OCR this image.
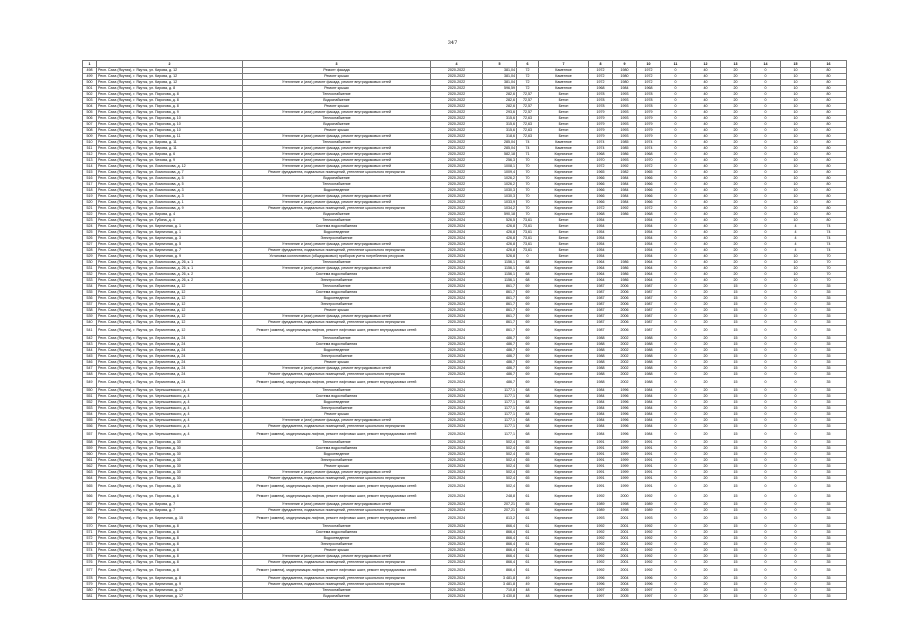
347
1	2	3	4	5	6	7	8	9	10	11	12	13	14	15	16
498	Респ. Саха (Якутия), г. Якутск, ул. Кирова, д. 12	Ремонт фасада	2020-2022	381,04	72	Каменное	1972	1980	1972	0	40	20	0	10	80
499	Респ. Саха (Якутия), г. Якутск, ул. Кирова, д. 12	Ремонт крыши	2020-2022	381,04	72	Каменное	1972	1980	1972	0	40	20	0	10	80
500	Респ. Саха (Якутия), г. Якутск, ул. Кирова, д. 12	Утепление и (или) ремонт фасада, ремонт внутридомовых сетей	2020-2022	381,04	72	Каменное	1972	1980	1972	0	40	20	0	10	80
501	Респ. Саха (Якутия), г. Якутск, ул. Кирова, д. 8	Ремонт крыши	2020-2022	596,59	72	Каменное	1968	1984	1968	0	40	20	0	10	80
502	Респ. Саха (Якутия), г. Якутск, ул. Пирогова, д. 8	Теплоснабжение	2020-2022	282,6	72,57	Бетон	1978	1993	1978	0	40	20	0	10	80
503	Респ. Саха (Якутия), г. Якутск, ул. Пирогова, д. 8	Водоснабжение	2020-2022	282,6	72,57	Бетон	1978	1993	1978	0	40	20	0	10	80
504	Респ. Саха (Якутия), г. Якутск, ул. Пирогова, д. 8	Ремонт крыши	2020-2022	282,6	72,57	Бетон	1978	1993	1978	0	40	20	0	10	80
505	Респ. Саха (Якутия), г. Якутск, ул. Пирогова, д. 9	Утепление и (или) ремонт фасада, ремонт внутридомовых сетей	2020-2022	293,6	72,57	Бетон	1979	1993	1979	0	40	20	0	10	80
506	Респ. Саха (Якутия), г. Якутск, ул. Пирогова, д. 10	Теплоснабжение	2020-2022	315,6	72,63	Бетон	1979	1993	1979	0	40	20	0	10	80
507	Респ. Саха (Якутия), г. Якутск, ул. Пирогова, д. 10	Водоснабжение	2020-2022	315,6	72,63	Бетон	1979	1993	1979	0	40	20	0	10	80
508	Респ. Саха (Якутия), г. Якутск, ул. Пирогова, д. 10	Ремонт крыши	2020-2022	315,6	72,63	Бетон	1979	1993	1979	0	40	20	0	10	80
509	Респ. Саха (Якутия), г. Якутск, ул. Пирогова, д. 11	Утепление и (или) ремонт фасада, ремонт внутридомовых сетей	2020-2022	318,6	72,63	Бетон	1979	1993	1979	0	40	20	0	10	80
510	Респ. Саха (Якутия), г. Якутск, ул. Кирова, д. 11	Теплоснабжение	2020-2022	285,04	74	Каменное	1974	1985	1974	0	40	20	0	10	80
511	Респ. Саха (Якутия), г. Якутск, ул. Кирова, д. 11	Утепление и (или) ремонт фасада, ремонт внутридомовых сетей	2020-2022	285,04	74	Каменное	1974	1985	1974	0	40	20	0	10	80
512	Респ. Саха (Якутия), г. Якутск, ул. Кирова, д. 6	Утепление и (или) ремонт фасада, ремонт внутридомовых сетей	2020-2022	582,18	71	Кирпичное	1968	1986	1968	0	40	20	0	10	80
513	Респ. Саха (Якутия), г. Якутск, ул. Чехова, д. 9	Утепление и (или) ремонт фасада, ремонт внутридомовых сетей	2020-2022	256,3	70	Кирпичное	1970	1993	1970	0	40	20	0	10	80
514	Респ. Саха (Якутия), г. Якутск, ул. Ломоносова, д. 12	Утепление и (или) ремонт фасада, ремонт внутридомовых сетей	2020-2022	1008,1	70	Кирпичное	1972	1992	1972	0	40	20	0	10	80
515	Респ. Саха (Якутия), г. Якутск, ул. Ломоносова, д. 7	Ремонт фундамента, подвальных помещений, утепление цокольного перекрытия	2020-2022	1009,4	70	Кирпичное	1965	1982	1965	0	40	20	0	10	80
516	Респ. Саха (Якутия), г. Якутск, ул. Ломоносова, д. 5	Водоснабжение	2020-2022	1026,2	70	Кирпичное	1966	1984	1966	0	40	20	0	10	80
517	Респ. Саха (Якутия), г. Якутск, ул. Ломоносова, д. 5	Теплоснабжение	2020-2022	1026,2	70	Кирпичное	1966	1984	1966	0	40	20	0	10	80
518	Респ. Саха (Якутия), г. Якутск, ул. Ломоносова, д. 3	Водоотведение	2020-2022	1030,3	70	Кирпичное	1966	1984	1966	0	40	20	0	10	80
519	Респ. Саха (Якутия), г. Якутск, ул. Ломоносова, д. 3	Утепление и (или) ремонт фасада, ремонт внутридомовых сетей	2020-2022	1030,3	70	Кирпичное	1966	1984	1966	0	40	20	0	10	80
520	Респ. Саха (Якутия), г. Якутск, ул. Ломоносова, д. 1	Утепление и (или) ремонт фасада, ремонт внутридомовых сетей	2020-2022	1033,9	70	Кирпичное	1966	1984	1966	0	40	20	0	10	80
521	Респ. Саха (Якутия), г. Якутск, ул. Ломоносова, д. 9	Ремонт фундамента, подвальных помещений, утепление цокольного перекрытия	2020-2022	1034,2	70	Кирпичное	1972	1992	1972	0	40	20	0	10	80
522	Респ. Саха (Якутия), г. Якутск, ул. Кирова, д. 4	Водоснабжение	2020-2022	590,18	70	Кирпичное	1968	1986	1968	0	40	20	0	10	80
523	Респ. Саха (Якутия), г. Якутск, ул. Губина, д. 4	Теплоснабжение	2020-2024	526,5	73,61	Бетон	1954		1954	0	40	20	0	10	80
524	Респ. Саха (Якутия), г. Якутск, ул. Кирпичная, д. 1	Система водоснабжения	2020-2024	426,8	73,61	Бетон	1954		1954	0	40	20	0	4	74
525	Респ. Саха (Якутия), г. Якутск, ул. Кирпичная, д. 1	Водоотведение	2020-2024	426,8	73,61	Бетон	1954		1954	0	40	20	0	4	74
526	Респ. Саха (Якутия), г. Якутск, ул. Кирпичная, д. 3	Электроснабжение	2020-2024	426,8	73,61	Бетон	1954		1954	0	40	20	0	4	74
527	Респ. Саха (Якутия), г. Якутск, ул. Кирпичная, д. 5	Утепление и (или) ремонт фасада, ремонт внутридомовых сетей	2020-2024	426,8	73,61	Бетон	1954		1954	0	40	20	0	4	74
528	Респ. Саха (Якутия), г. Якутск, ул. Кирпичная, д. 7	Ремонт фундамента, подвальных помещений, утепление цокольного перекрытия	2020-2024	426,8	73,61	Бетон	1954		1954	0	40	20	0	4	74
529	Респ. Саха (Якутия), г. Якутск, ул. Кирпичная, д. 9	Установка коллективных (общедомовых) приборов учета потребления ресурсов	2020-2024	526,8	0	Бетон	1954		1954	0	40	20	0	10	70
530	Респ. Саха (Якутия), г. Якутск, ул. Ломоносова, д. 26, к. 1	Теплоснабжение	2020-2024	1156,1	68	Кирпичное	1964	1986	1964	0	40	20	0	10	70
531	Респ. Саха (Якутия), г. Якутск, ул. Ломоносова, д. 26, к. 1	Утепление и (или) ремонт фасада, ремонт внутридомовых сетей	2020-2024	1156,1	68	Кирпичное	1964	1986	1964	0	40	20	0	10	70
532	Респ. Саха (Якутия), г. Якутск, ул. Ломоносова, д. 26, к. 2	Система водоснабжения	2020-2024	1156,1	68	Кирпичное	1964	1986	1964	0	40	20	0	10	70
533	Респ. Саха (Якутия), г. Якутск, ул. Ломоносова, д. 26, к. 2	Электроснабжение	2020-2024	1156,1	68	Кирпичное	1964	1986	1964	0	40	20	0	10	70
534	Респ. Саха (Якутия), г. Якутск, ул. Лермонтова, д. 12	Теплоснабжение	2020-2024	861,7	69	Кирпичное	1987	2006	1987	0	20	15	0	0	35
535	Респ. Саха (Якутия), г. Якутск, ул. Лермонтова, д. 12	Система водоснабжения	2020-2024	861,7	69	Кирпичное	1987	2006	1987	0	20	15	0	0	35
536	Респ. Саха (Якутия), г. Якутск, ул. Лермонтова, д. 12	Водоотведение	2020-2024	861,7	69	Кирпичное	1987	2006	1987	0	20	15	0	0	35
537	Респ. Саха (Якутия), г. Якутск, ул. Лермонтова, д. 12	Электроснабжение	2020-2024	861,7	69	Кирпичное	1987	2006	1987	0	20	15	0	0	35
538	Респ. Саха (Якутия), г. Якутск, ул. Лермонтова, д. 12	Ремонт крыши	2020-2024	861,7	69	Кирпичное	1987	2006	1987	0	20	15	0	0	35
539	Респ. Саха (Якутия), г. Якутск, ул. Лермонтова, д. 12	Утепление и (или) ремонт фасада, ремонт внутридомовых сетей	2020-2024	861,7	69	Кирпичное	1987	2006	1987	0	20	15	0	0	35
540	Респ. Саха (Якутия), г. Якутск, ул. Лермонтова, д. 12	Ремонт фундамента, подвальных помещений, утепление цокольного перекрытия	2020-2024	861,7	69	Кирпичное	1987	2006	1987	0	20	15	0	0	35
541	Респ. Саха (Якутия), г. Якутск, ул. Лермонтова, д. 12	Ремонт (замена), модернизация лифтов, ремонт лифтовых шахт, ремонт внутридомовых сетей	2020-2024	861,7	69	Кирпичное	1987	2006	1987	0	20	15	0	0	35
542	Респ. Саха (Якутия), г. Якутск, ул. Лермонтова, д. 24	Теплоснабжение	2020-2024	486,7	69	Кирпичное	1988	2002	1988	0	20	15	0	0	35
543	Респ. Саха (Якутия), г. Якутск, ул. Лермонтова, д. 24	Система водоснабжения	2020-2024	486,7	69	Кирпичное	1988	2002	1988	0	20	15	0	0	35
544	Респ. Саха (Якутия), г. Якутск, ул. Лермонтова, д. 24	Водоотведение	2020-2024	486,7	69	Кирпичное	1988	2002	1988	0	20	15	0	0	35
545	Респ. Саха (Якутия), г. Якутск, ул. Лермонтова, д. 24	Электроснабжение	2020-2024	486,7	69	Кирпичное	1988	2002	1988	0	20	15	0	0	35
546	Респ. Саха (Якутия), г. Якутск, ул. Лермонтова, д. 24	Ремонт крыши	2020-2024	486,7	69	Кирпичное	1988	2002	1988	0	20	15	0	0	35
547	Респ. Саха (Якутия), г. Якутск, ул. Лермонтова, д. 24	Утепление и (или) ремонт фасада, ремонт внутридомовых сетей	2020-2024	486,7	69	Кирпичное	1988	2002	1988	0	20	15	0	0	35
548	Респ. Саха (Якутия), г. Якутск, ул. Лермонтова, д. 24	Ремонт фундамента, подвальных помещений, утепление цокольного перекрытия	2020-2024	486,7	69	Кирпичное	1988	2002	1988	0	20	15	0	0	35
549	Респ. Саха (Якутия), г. Якутск, ул. Лермонтова, д. 24	Ремонт (замена), модернизация лифтов, ремонт лифтовых шахт, ремонт внутридомовых сетей	2020-2024	486,7	69	Кирпичное	1988	2002	1988	0	20	15	0	0	35
550	Респ. Саха (Якутия), г. Якутск, ул. Чернышевского, д. 4	Теплоснабжение	2020-2024	1177,1	68	Кирпичное	1984	1996	1984	0	20	15	0	0	35
551	Респ. Саха (Якутия), г. Якутск, ул. Чернышевского, д. 4	Система водоснабжения	2020-2024	1177,1	68	Кирпичное	1984	1996	1984	0	20	15	0	0	35
552	Респ. Саха (Якутия), г. Якутск, ул. Чернышевского, д. 4	Водоотведение	2020-2024	1177,1	68	Кирпичное	1984	1996	1984	0	20	15	0	0	35
553	Респ. Саха (Якутия), г. Якутск, ул. Чернышевского, д. 4	Электроснабжение	2020-2024	1177,1	68	Кирпичное	1984	1996	1984	0	20	15	0	0	35
554	Респ. Саха (Якутия), г. Якутск, ул. Чернышевского, д. 4	Ремонт крыши	2020-2024	1177,1	68	Кирпичное	1984	1996	1984	0	20	15	0	0	35
555	Респ. Саха (Якутия), г. Якутск, ул. Чернышевского, д. 4	Утепление и (или) ремонт фасада, ремонт внутридомовых сетей	2020-2024	1177,1	68	Кирпичное	1984	1996	1984	0	20	15	0	0	35
556	Респ. Саха (Якутия), г. Якутск, ул. Чернышевского, д. 4	Ремонт фундамента, подвальных помещений, утепление цокольного перекрытия	2020-2024	1177,1	68	Кирпичное	1984	1996	1984	0	20	15	0	0	35
557	Респ. Саха (Якутия), г. Якутск, ул. Чернышевского, д. 4	Ремонт (замена), модернизация лифтов, ремонт лифтовых шахт, ремонт внутридомовых сетей	2020-2024	1177,1	68	Кирпичное	1984	1996	1984	0	20	15	0	0	35
558	Респ. Саха (Якутия), г. Якутск, ул. Пирогова, д. 30	Теплоснабжение	2020-2024	502,4	65	Кирпичное	1991	1999	1991	0	20	15	0	0	35
559	Респ. Саха (Якутия), г. Якутск, ул. Пирогова, д. 30	Система водоснабжения	2020-2024	502,4	65	Кирпичное	1991	1999	1991	0	20	15	0	0	35
560	Респ. Саха (Якутия), г. Якутск, ул. Пирогова, д. 30	Водоотведение	2020-2024	502,4	65	Кирпичное	1991	1999	1991	0	20	15	0	0	35
561	Респ. Саха (Якутия), г. Якутск, ул. Пирогова, д. 30	Электроснабжение	2020-2024	502,4	65	Кирпичное	1991	1999	1991	0	20	15	0	0	35
562	Респ. Саха (Якутия), г. Якутск, ул. Пирогова, д. 30	Ремонт крыши	2020-2024	502,4	65	Кирпичное	1991	1999	1991	0	20	15	0	0	35
563	Респ. Саха (Якутия), г. Якутск, ул. Пирогова, д. 30	Утепление и (или) ремонт фасада, ремонт внутридомовых сетей	2020-2024	502,4	65	Кирпичное	1991	1999	1991	0	20	15	0	0	35
564	Респ. Саха (Якутия), г. Якутск, ул. Пирогова, д. 30	Ремонт фундамента, подвальных помещений, утепление цокольного перекрытия	2020-2024	502,4	65	Кирпичное	1991	1999	1991	0	20	15	0	0	35
565	Респ. Саха (Якутия), г. Якутск, ул. Пирогова, д. 30	Ремонт (замена), модернизация лифтов, ремонт лифтовых шахт, ремонт внутридомовых сетей	2020-2024	502,4	65	Кирпичное	1991	1999	1991	0	20	15	0	0	35
566	Респ. Саха (Якутия), г. Якутск, ул. Пирогова, д. 6	Ремонт (замена), модернизация лифтов, ремонт лифтовых шахт, ремонт внутридомовых сетей	2020-2024	248,8	61	Кирпичное	1992	2000	1992	0	20	15	0	0	35
567	Респ. Саха (Якутия), г. Якутск, ул. Кирова, д. 7	Утепление и (или) ремонт фасада, ремонт внутридомовых сетей	2020-2024	207,21	65	Кирпичное	1989	1998	1989	0	20	15	0	0	35
568	Респ. Саха (Якутия), г. Якутск, ул. Кирова, д. 7	Ремонт фундамента, подвальных помещений, утепление цокольного перекрытия	2020-2024	207,21	65	Кирпичное	1989	1998	1989	0	20	15	0	0	35
569	Респ. Саха (Якутия), г. Якутск, ул. Кирпичная, д. 15	Ремонт (замена), модернизация лифтов, ремонт лифтовых шахт, ремонт внутридомовых сетей	2020-2024	813,2	61	Кирпичное	1993	2001	1993	0	20	15	0	0	35
570	Респ. Саха (Якутия), г. Якутск, ул. Пирогова, д. 8	Теплоснабжение	2020-2024	866,4	61	Кирпичное	1992	2001	1992	0	20	15	0	0	35
571	Респ. Саха (Якутия), г. Якутск, ул. Пирогова, д. 8	Система водоснабжения	2020-2024	866,4	61	Кирпичное	1992	2001	1992	0	20	15	0	0	35
572	Респ. Саха (Якутия), г. Якутск, ул. Пирогова, д. 8	Водоотведение	2020-2024	866,4	61	Кирпичное	1992	2001	1992	0	20	15	0	0	35
573	Респ. Саха (Якутия), г. Якутск, ул. Пирогова, д. 8	Электроснабжение	2020-2024	866,4	61	Кирпичное	1992	2001	1992	0	20	15	0	0	35
574	Респ. Саха (Якутия), г. Якутск, ул. Пирогова, д. 8	Ремонт крыши	2020-2024	866,4	61	Кирпичное	1992	2001	1992	0	20	15	0	0	35
575	Респ. Саха (Якутия), г. Якутск, ул. Пирогова, д. 8	Утепление и (или) ремонт фасада, ремонт внутридомовых сетей	2020-2024	866,4	61	Кирпичное	1992	2001	1992	0	20	15	0	0	35
576	Респ. Саха (Якутия), г. Якутск, ул. Пирогова, д. 8	Ремонт фундамента, подвальных помещений, утепление цокольного перекрытия	2020-2024	866,4	61	Кирпичное	1992	2001	1992	0	20	15	0	0	35
577	Респ. Саха (Якутия), г. Якутск, ул. Пирогова, д. 8	Ремонт (замена), модернизация лифтов, ремонт лифтовых шахт, ремонт внутридомовых сетей	2020-2024	866,4	61	Кирпичное	1992	2001	1992	0	20	15	0	0	35
578	Респ. Саха (Якутия), г. Якутск, ул. Кирпичная, д. 8	Ремонт фундамента, подвальных помещений, утепление цокольного перекрытия	2020-2024	3 481,8	49	Кирпичное	1996	2004	1996	0	20	15	0	0	35
579	Респ. Саха (Якутия), г. Якутск, ул. Кирпичная, д. 9	Ремонт фундамента, подвальных помещений, утепление цокольного перекрытия	2020-2024	3 481,8	49	Кирпичное	1996	2004	1996	0	20	15	0	0	35
580	Респ. Саха (Якутия), г. Якутск, ул. Кирпичная, д. 17	Теплоснабжение	2020-2024	710,8	48	Кирпичное	1997	2005	1997	0	20	15	0	0	35
581	Респ. Саха (Якутия), г. Якутск, ул. Кирпичная, д. 17	Водоснабжение	2020-2024	3 430,8	48	Кирпичное	1997	2005	1997	0	20	15	0	0	35
